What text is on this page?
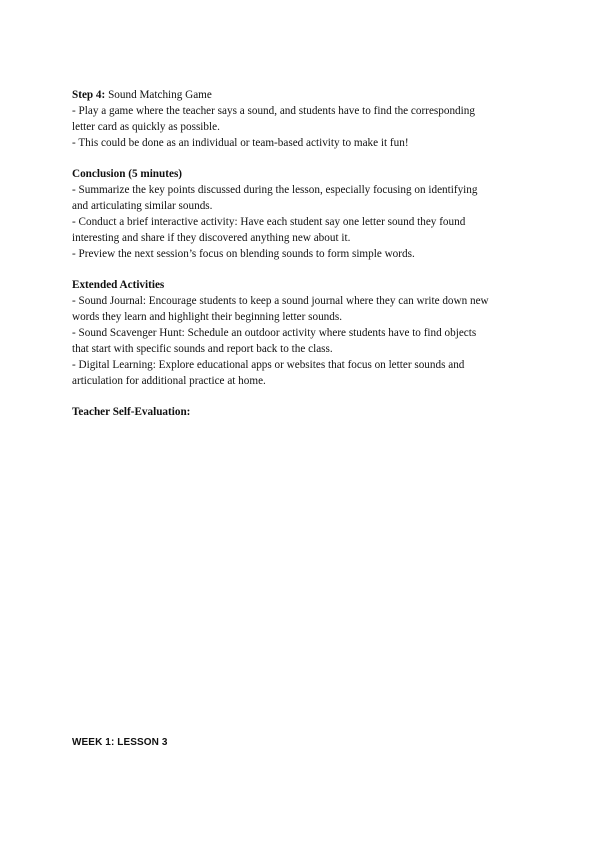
Step 4: Sound Matching Game
- Play a game where the teacher says a sound, and students have to find the corresponding
letter card as quickly as possible.
- This could be done as an individual or team-based activity to make it fun!
Conclusion (5 minutes)
- Summarize the key points discussed during the lesson, especially focusing on identifying
and articulating similar sounds.
- Conduct a brief interactive activity: Have each student say one letter sound they found
interesting and share if they discovered anything new about it.
- Preview the next session’s focus on blending sounds to form simple words.
Extended Activities
- Sound Journal: Encourage students to keep a sound journal where they can write down new
words they learn and highlight their beginning letter sounds.
- Sound Scavenger Hunt: Schedule an outdoor activity where students have to find objects
that start with specific sounds and report back to the class.
- Digital Learning: Explore educational apps or websites that focus on letter sounds and
articulation for additional practice at home.
Teacher Self-Evaluation:
WEEK 1: LESSON 3
